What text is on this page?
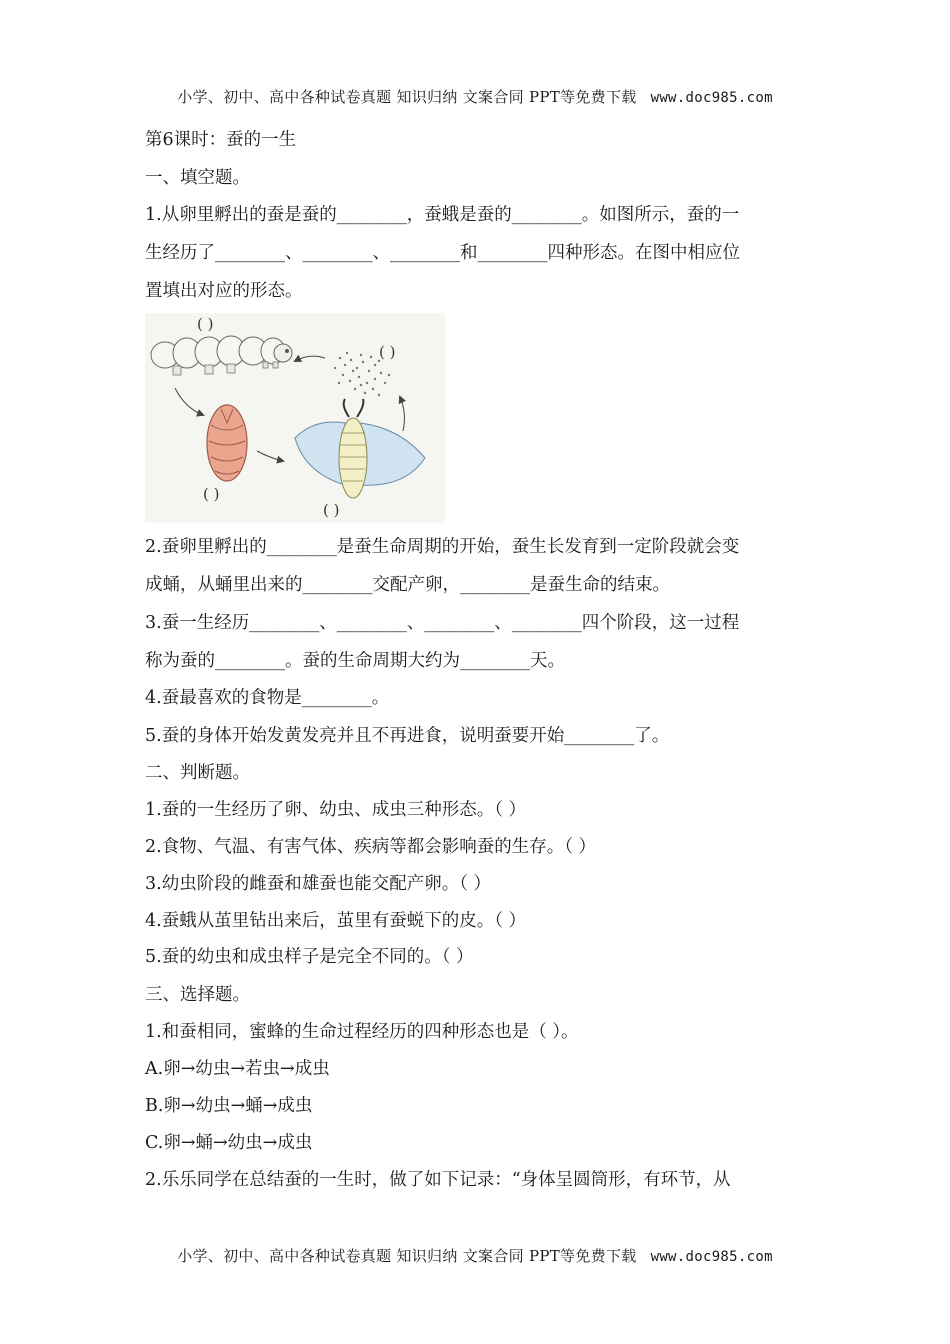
小学、初中、高中各种试卷真题 知识归纳 文案合同 PPT等免费下载 www.doc985.com
第6课时：蚕的一生
一、填空题。
1.从卵里孵出的蚕是蚕的________，蚕蛾是蚕的________。如图所示，蚕的一
生经历了________、________、________和________四种形态。在图中相应位
置填出对应的形态。
( )
( )
( )
( )
2.蚕卵里孵出的________是蚕生命周期的开始，蚕生长发育到一定阶段就会变
成蛹，从蛹里出来的________交配产卵，________是蚕生命的结束。
3.蚕一生经历________、________、________、________四个阶段，这一过程
称为蚕的________。蚕的生命周期大约为________天。
4.蚕最喜欢的食物是________。
5.蚕的身体开始发黄发亮并且不再进食，说明蚕要开始________了。
二、判断题。
1.蚕的一生经历了卵、幼虫、成虫三种形态。（ ）
2.食物、气温、有害气体、疾病等都会影响蚕的生存。（ ）
3.幼虫阶段的雌蚕和雄蚕也能交配产卵。（ ）
4.蚕蛾从茧里钻出来后，茧里有蚕蜕下的皮。（ ）
5.蚕的幼虫和成虫样子是完全不同的。（ ）
三、选择题。
1.和蚕相同，蜜蜂的生命过程经历的四种形态也是（ ）。
A.卵→幼虫→若虫→成虫
B.卵→幼虫→蛹→成虫
C.卵→蛹→幼虫→成虫
2.乐乐同学在总结蚕的一生时，做了如下记录：“身体呈圆筒形，有环节，从
小学、初中、高中各种试卷真题 知识归纳 文案合同 PPT等免费下载 www.doc985.com
